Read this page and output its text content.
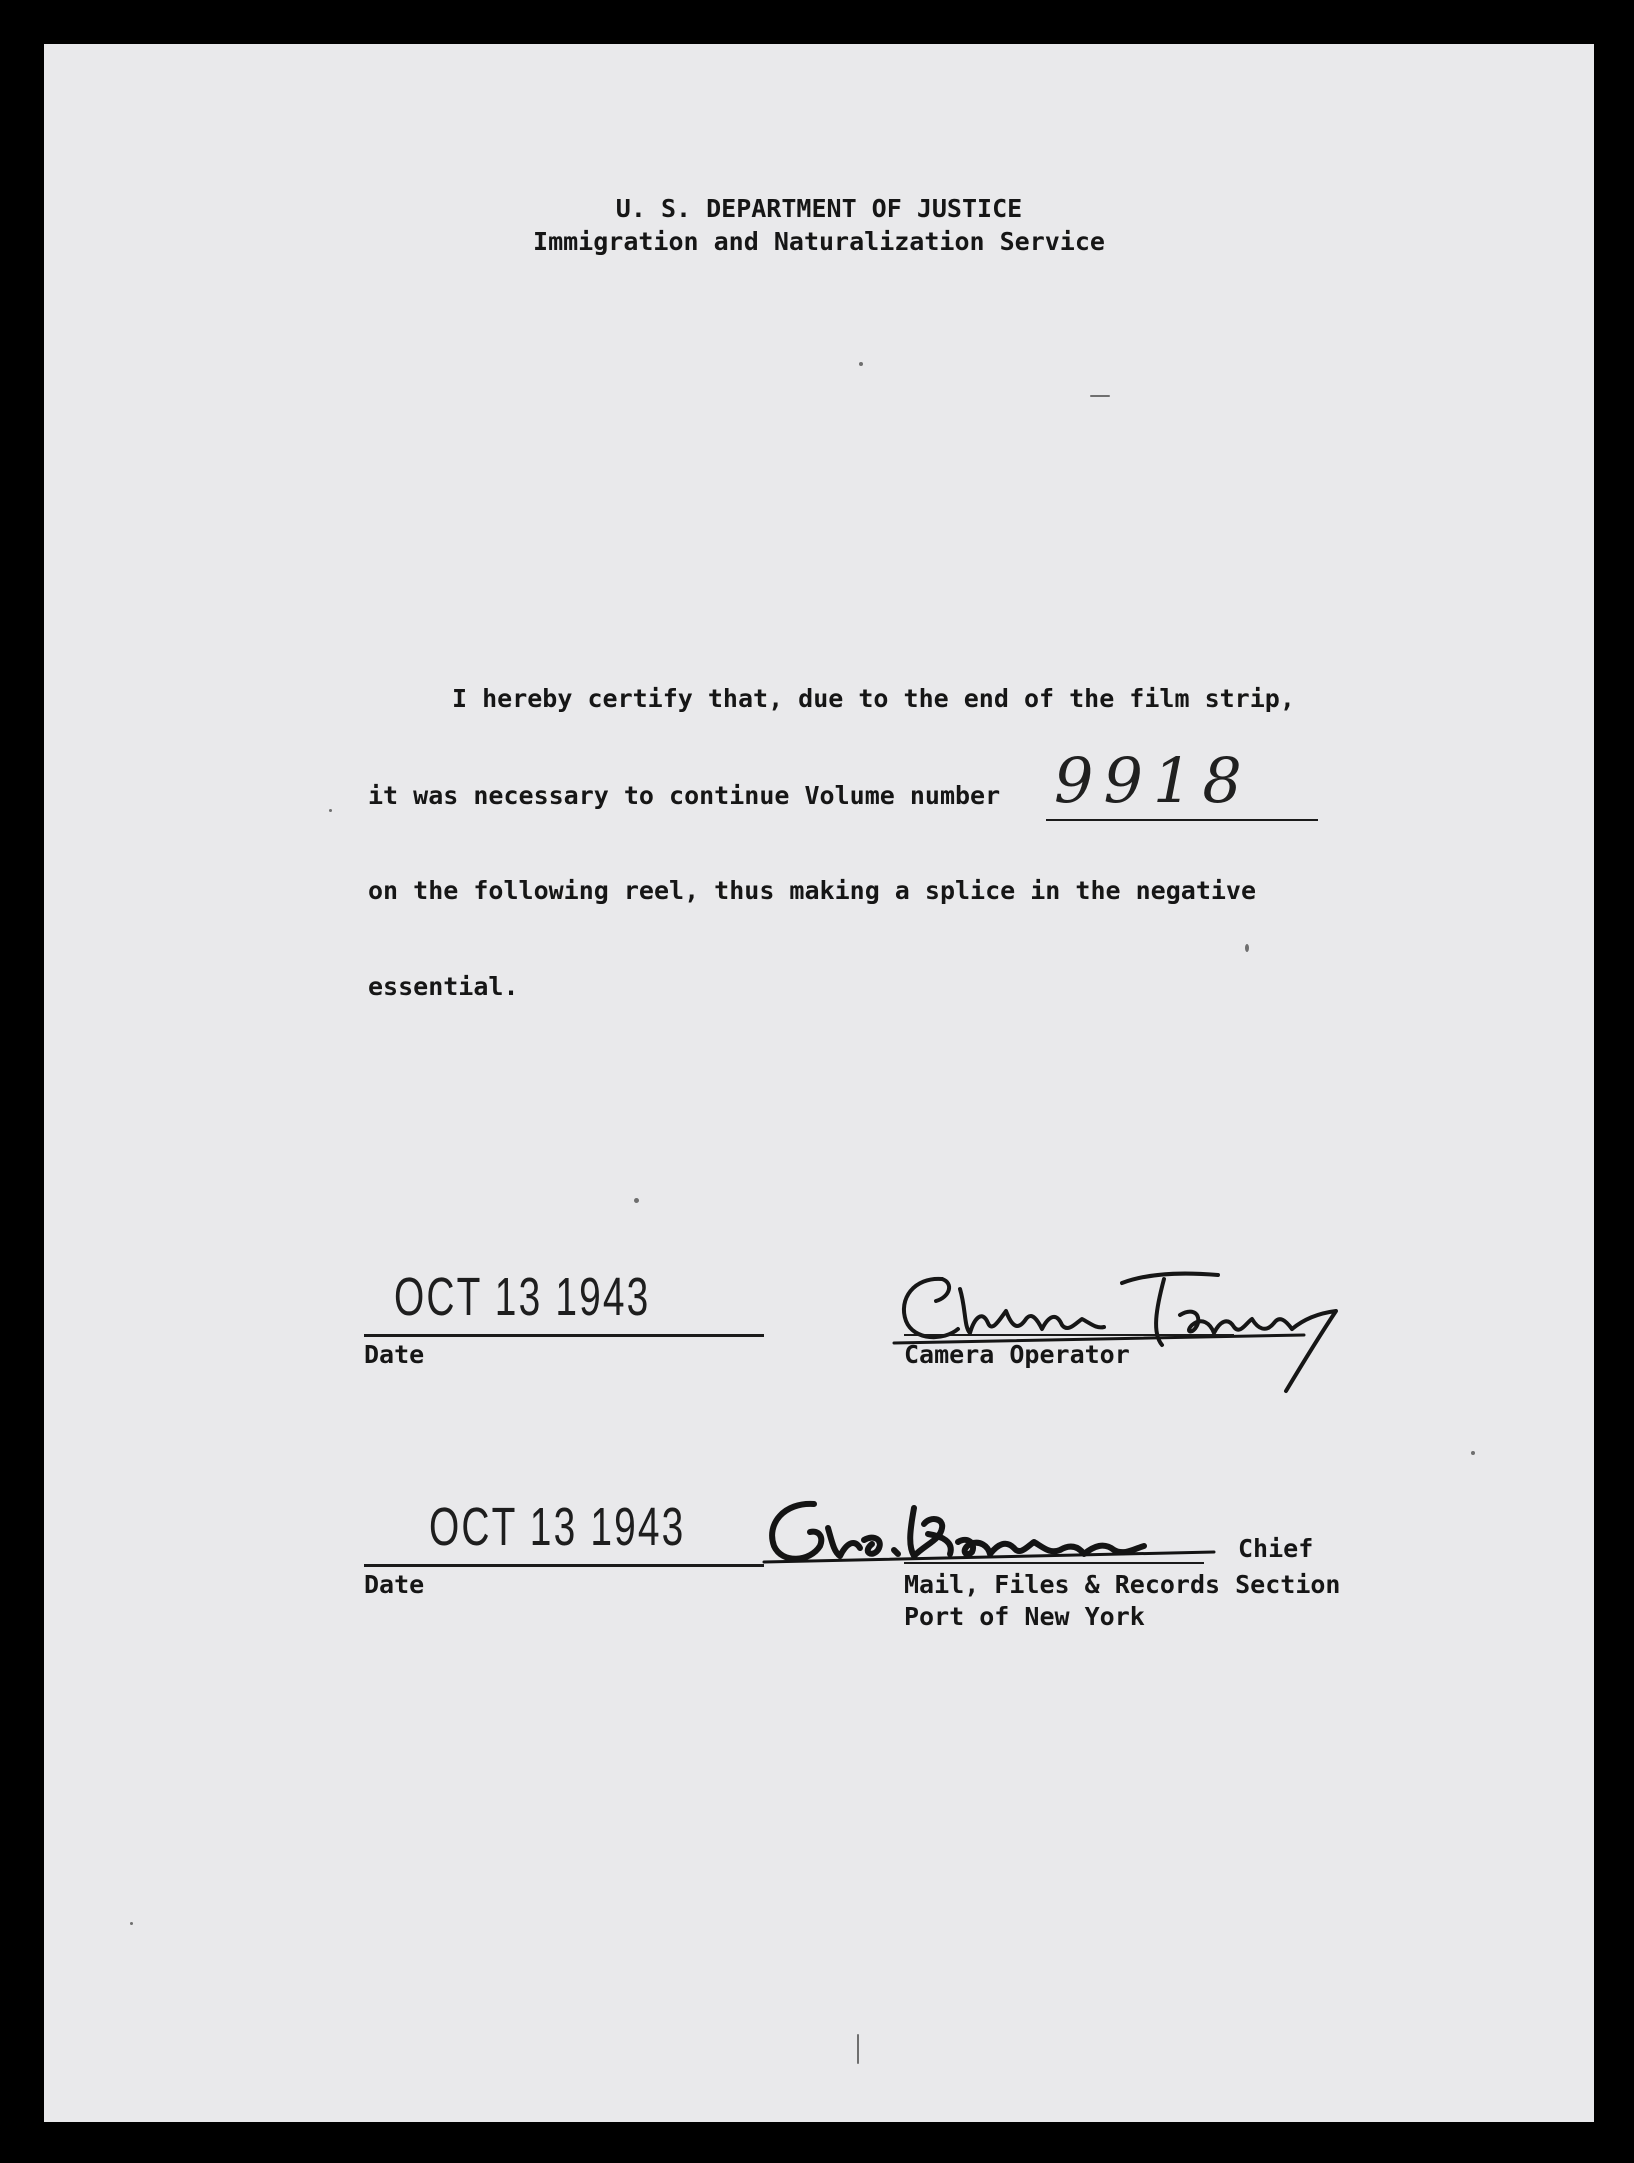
U. S. DEPARTMENT OF JUSTICE
Immigration and Naturalization Service
I hereby certify that, due to the end of the film strip,
it was necessary to continue Volume number 9918
on the following reel, thus making a splice in the negative
essential.
OCT 13 1943
Date	Camera Operator
OCT 13 1943
Date
Chief
Mail, Files & Records Section
Port of New York
